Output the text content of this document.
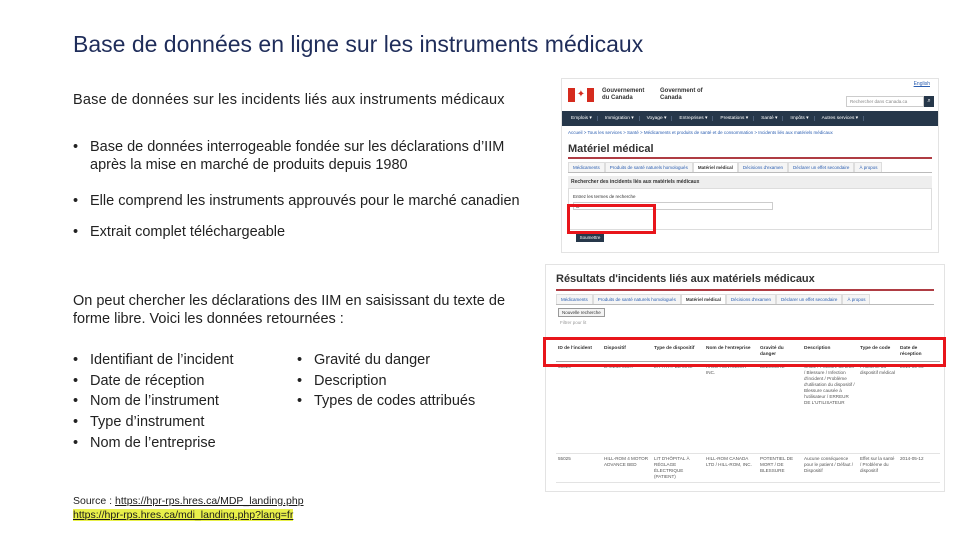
Base de données en ligne sur les instruments médicaux
Base de données sur les incidents liés aux instruments médicaux
• Base de données interrogeable fondée sur les déclarations d’IIM après la mise en marché de produits depuis 1980
• Elle comprend les instruments approuvés pour le marché canadien
• Extrait complet téléchargeable
On peut chercher les déclarations des IIM en saisissant du texte de forme libre. Voici les données retournées :
• Identifiant de l’incident
• Date de réception
• Nom de l’instrument
• Type d’instrument
• Nom de l’entreprise
• Gravité du danger
• Description
• Types de codes attribués
Source : https://hpr-rps.hres.ca/MDP_landing.php
https://hpr-rps.hres.ca/mdi_landing.php?lang=fr
✦	Gouvernement du Canada
Government of Canada
English
Rechercher dans Canada.ca	⌕
Emplois ▾	Immigration ▾	Voyage ▾	Entreprises ▾	Prestations ▾	Santé ▾	Impôts ▾	Autres services ▾
Accueil > Tous les services > Santé > Médicaments et produits de santé et de consommation > Incidents liés aux matériels médicaux
Matériel médical
Médicaments	Produits de santé naturels homologués	Matériel médical	Décisions d'examen	Déclarer un effet secondaire	À propos
Rechercher des incidents liés aux matériels médicaux
Entrez les termes de recherche
lit
Soumettre
Résultats d'incidents liés aux matériels médicaux
Médicaments	Produits de santé naturels homologués	Matériel médical	Décisions d'examen	Déclarer un effet secondaire	À propos
Nouvelle recherche
Filtrer pour lit
ID de l'incident	Dispositif	Type de dispositif	Nom de l'entreprise	Gravité du danger	Description	Type de code	Date de réception
55025	LAKEMANOR	LIT À R... DE LIRE	ARJO HUNTLEIGH INC.	BLESSURE	Chute / Fracture du bras / Blessure / Infection d'incident / Problème d'utilisation du dispositif / Blessure causée à l'utilisateur / ERREUR DE L'UTILISATEUR	Problème du dispositif médical	2014-05-05
55025	HILL-ROM 4 MOTOR ADVANCE BED	LIT D'HÔPITAL À RÉGLAGE ÉLECTRIQUE (PATIENT)	HILL-ROM CANADA LTD / HILL-ROM, INC.	POTENTIEL DE MORT / DE BLESSURE	Aucune conséquence pour le patient / Défaut / Dispositif	Effet sur la santé / Problème du dispositif	2014-05-12
